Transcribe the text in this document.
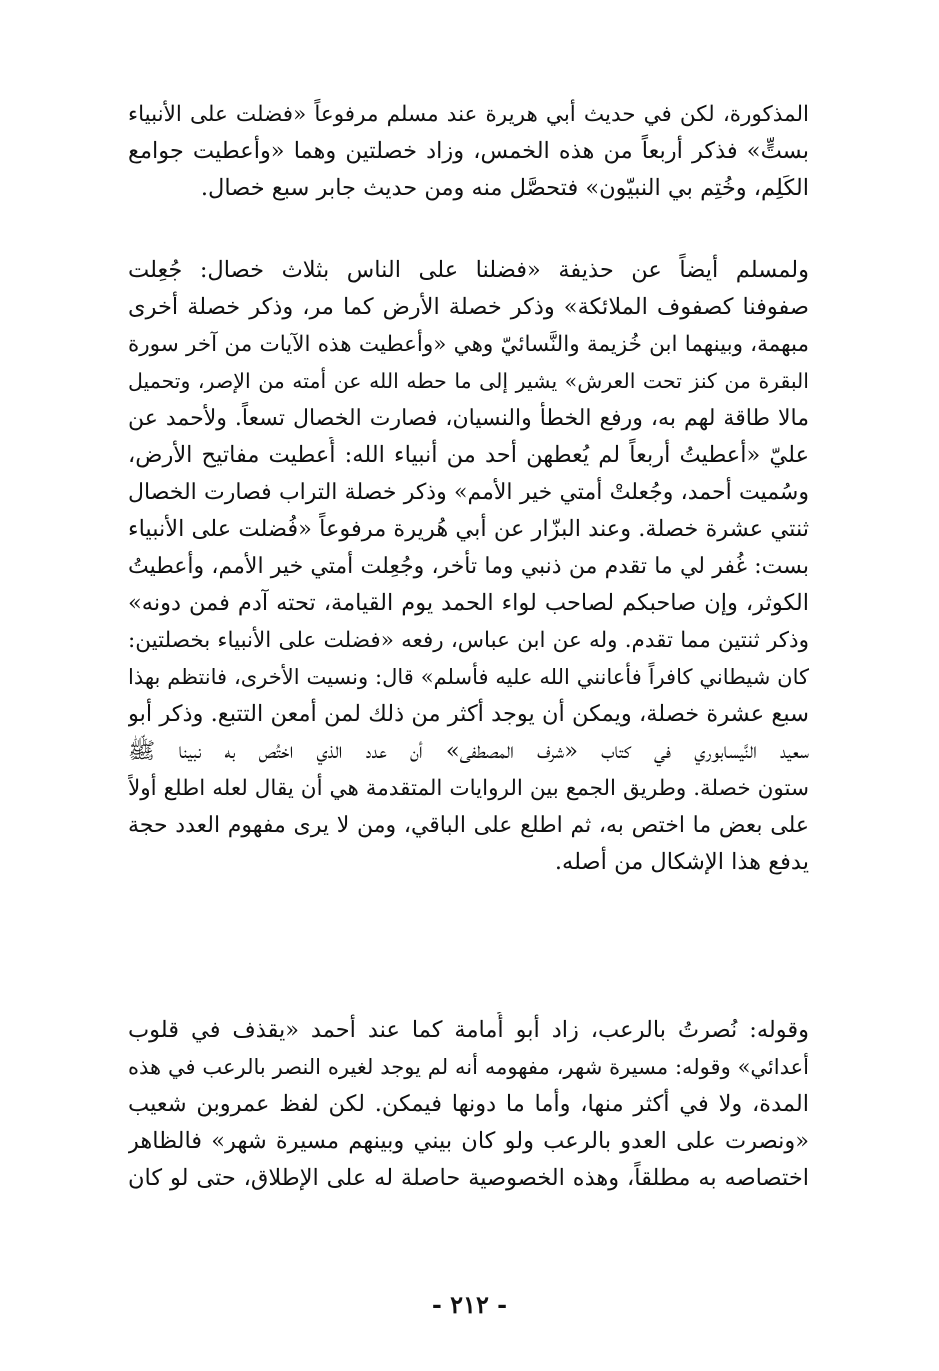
المذكورة، لكن في حديث أبي هريرة عند مسلم مرفوعاً «فضلت على الأنبياء
بستٍّ» فذكر أربعاً من هذه الخمس، وزاد خصلتين وهما «وأعطيت جوامع
الكَلِم، وخُتِم بي النبيّون» فتحصَّل منه ومن حديث جابر سبع خصال.
ولمسلم أيضاً عن حذيفة «فضلنا على الناس بثلاث خصال: جُعِلت
صفوفنا كصفوف الملائكة» وذكر خصلة الأرض كما مر، وذكر خصلة أخرى
مبهمة، وبينهما ابن خُزيمة والنَّسائيّ وهي «وأعطيت هذه الآيات من آخر سورة
البقرة من كنز تحت العرش» يشير إلى ما حطه الله عن أمته من الإصر، وتحميل
مالا طاقة لهم به، ورفع الخطأ والنسيان، فصارت الخصال تسعاً. ولأحمد عن
عليّ «أعطيتُ أربعاً لم يُعطهن أحد من أنبياء الله: أُعطيت مفاتيح الأرض،
وسُميت أحمد، وجُعلتْ أمتي خير الأمم» وذكر خصلة التراب فصارت الخصال
ثنتي عشرة خصلة. وعند البزّار عن أبي هُريرة مرفوعاً «فُضلت على الأنبياء
بست: غُفر لي ما تقدم من ذنبي وما تأخر، وجُعِلت أمتي خير الأمم، وأعطيتُ
الكوثر، وإن صاحبكم لصاحب لواء الحمد يوم القيامة، تحته آدم فمن دونه»
وذكر ثنتين مما تقدم. وله عن ابن عباس، رفعه «فضلت على الأنبياء بخصلتين:
كان شيطاني كافراً فأعانني الله عليه فأسلم» قال: ونسيت الأخرى، فانتظم بهذا
سبع عشرة خصلة، ويمكن أن يوجد أكثر من ذلك لمن أمعن التتبع. وذكر أبو
سعيد النَّيسابوري في كتاب «شرف المصطفى» أن عدد الذي اختُص به نبينا ﷺ
ستون خصلة. وطريق الجمع بين الروايات المتقدمة هي أن يقال لعله اطلع أولاً
على بعض ما اختص به، ثم اطلع على الباقي، ومن لا يرى مفهوم العدد حجة
يدفع هذا الإشكال من أصله.
وقوله: نُصرتُ بالرعب، زاد أبو أُمامة كما عند أحمد «يقذف في قلوب
أعدائي» وقوله: مسيرة شهر، مفهومه أنه لم يوجد لغيره النصر بالرعب في هذه
المدة، ولا في أكثر منها، وأما ما دونها فيمكن. لكن لفظ عمروبن شعيب
«ونصرت على العدو بالرعب ولو كان بيني وبينهم مسيرة شهر» فالظاهر
اختصاصه به مطلقاً، وهذه الخصوصية حاصلة له على الإطلاق، حتى لو كان
- ٢١٢ -
